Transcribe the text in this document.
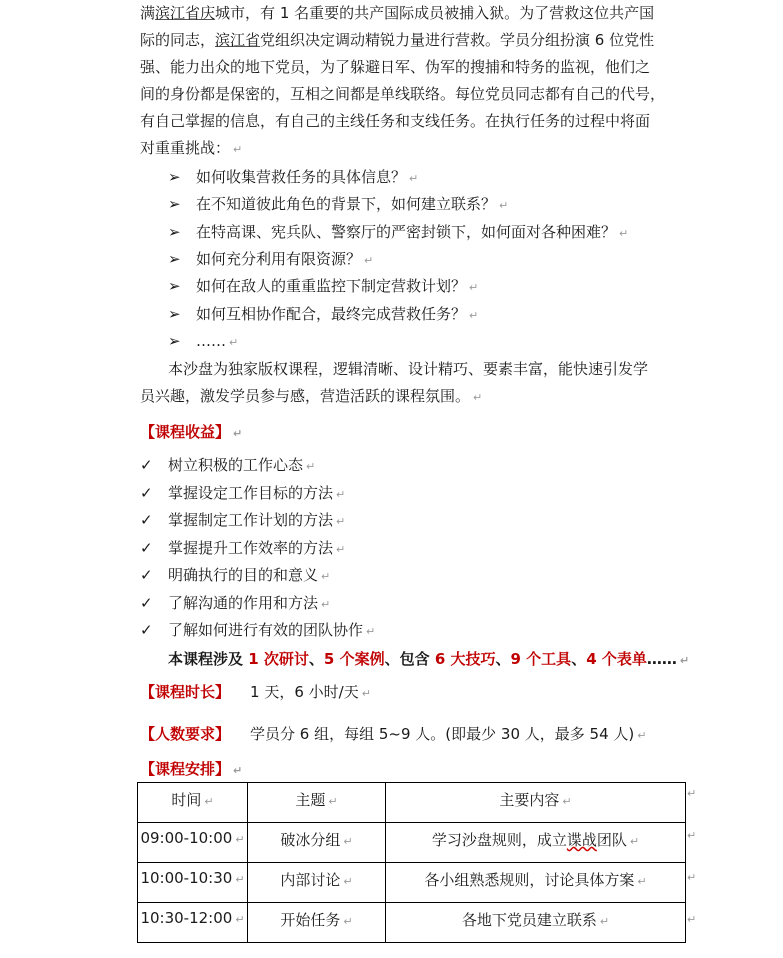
满滨江省庆城市，有 1 名重要的共产国际成员被捕入狱。为了营救这位共产国
际的同志，滨江省党组织决定调动精锐力量进行营救。学员分组扮演 6 位党性
强、能力出众的地下党员，为了躲避日军、伪军的搜捕和特务的监视，他们之
间的身份都是保密的，互相之间都是单线联络。每位党员同志都有自己的代号，
有自己掌握的信息，有自己的主线任务和支线任务。在执行任务的过程中将面
对重重挑战： ↵
➢ 如何收集营救任务的具体信息？ ↵
➢ 在不知道彼此角色的背景下，如何建立联系？ ↵
➢ 在特高课、宪兵队、警察厅的严密封锁下，如何面对各种困难？ ↵
➢ 如何充分利用有限资源？ ↵
➢ 如何在敌人的重重监控下制定营救计划？ ↵
➢ 如何互相协作配合，最终完成营救任务？ ↵
➢ …… ↵
本沙盘为独家版权课程，逻辑清晰、设计精巧、要素丰富，能快速引发学
员兴趣，激发学员参与感，营造活跃的课程氛围。 ↵
【课程收益】 ↵
✓ 树立积极的工作心态 ↵
✓ 掌握设定工作目标的方法 ↵
✓ 掌握制定工作计划的方法 ↵
✓ 掌握提升工作效率的方法 ↵
✓ 明确执行的目的和意义 ↵
✓ 了解沟通的作用和方法 ↵
✓ 了解如何进行有效的团队协作 ↵
本课程涉及 1 次研讨、5 个案例、包含 6 大技巧、9 个工具、4 个表单…… ↵
【课程时长】 1 天，6 小时/天 ↵
【人数要求】 学员分 6 组，每组 5~9 人。(即最少 30 人，最多 54 人) ↵
【课程安排】 ↵
时间 ↵	主题 ↵	主要内容 ↵
09:00-10:00 ↵	破冰分组 ↵	学习沙盘规则，成立谍战团队 ↵
10:00-10:30 ↵	内部讨论 ↵	各小组熟悉规则，讨论具体方案 ↵
10:30-12:00 ↵	开始任务 ↵	各地下党员建立联系 ↵
↵
↵
↵
↵
